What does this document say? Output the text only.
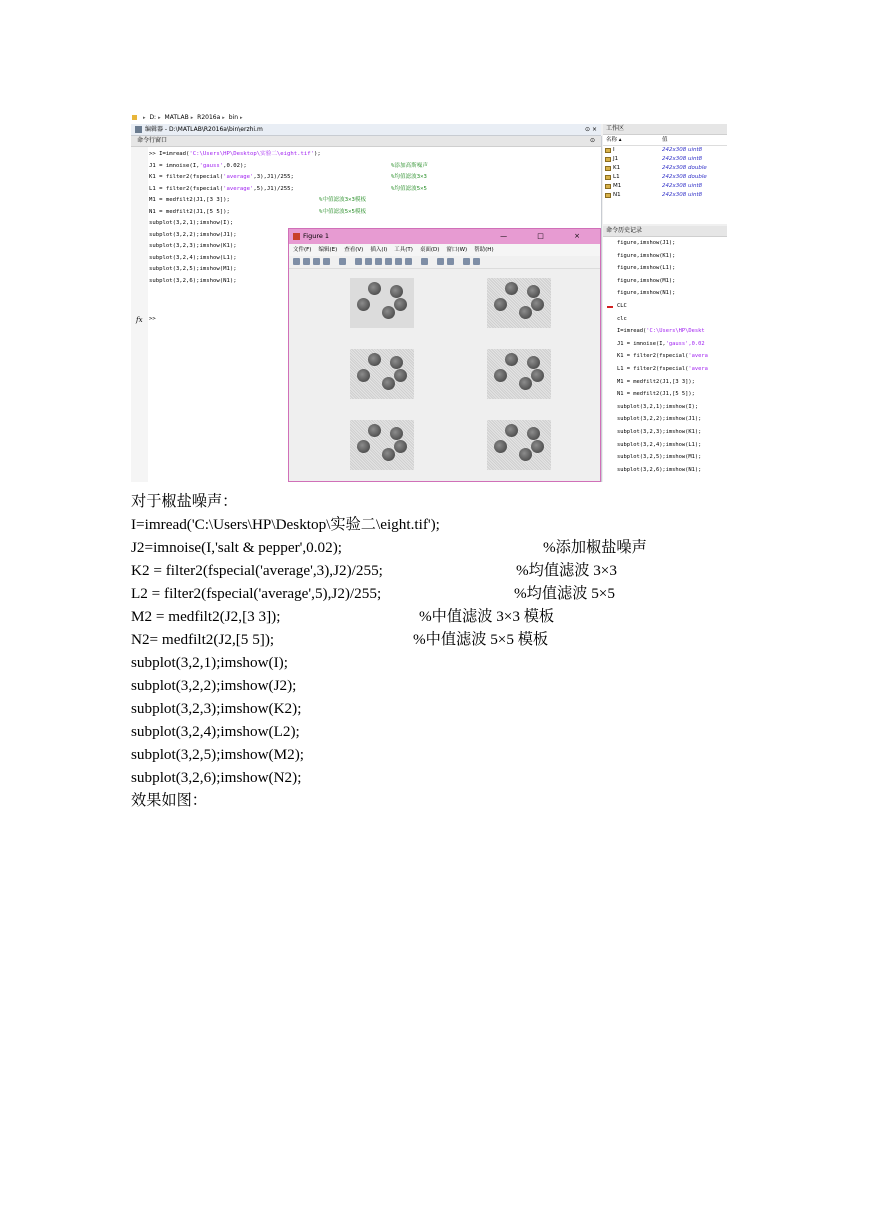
▸ D: ▸ MATLAB ▸ R2016a ▸ bin ▸
编辑器 - D:\MATLAB\R2016a\bin\erzhi.m	⊙ ×
命令行窗口	⊙
>> I=imread('C:\Users\HP\Desktop\实验二\eight.tif');
J1 = imnoise(I,'gauss',0.02);	%添加高斯噪声
K1 = filter2(fspecial('average',3),J1)/255;	%均值滤波3×3
L1 = filter2(fspecial('average',5),J1)/255;	%均值滤波5×5
M1 = medfilt2(J1,[3 3]);	%中值滤波3×3模板
N1 = medfilt2(J1,[5 5]);	%中值滤波5×5模板
subplot(3,2,1);imshow(I);
subplot(3,2,2);imshow(J1);
subplot(3,2,3);imshow(K1);
subplot(3,2,4);imshow(L1);
subplot(3,2,5);imshow(M1);
subplot(3,2,6);imshow(N1);
fx >>
工作区
名称 ▴	值
I	242x308 uint8
J1	242x308 uint8
K1	242x308 double
L1	242x308 double
M1	242x308 uint8
N1	242x308 uint8
命令历史记录
figure,imshow(J1);
figure,imshow(K1);
figure,imshow(L1);
figure,imshow(M1);
figure,imshow(N1);
CLC
clc
I=imread('C:\Users\HP\Deskt
J1 = imnoise(I,'gauss',0.02
K1 = filter2(fspecial('avera
L1 = filter2(fspecial('avera
M1 = medfilt2(J1,[3 3]);
N1 = medfilt2(J1,[5 5]);
subplot(3,2,1);imshow(I);
subplot(3,2,2);imshow(J1);
subplot(3,2,3);imshow(K1);
subplot(3,2,4);imshow(L1);
subplot(3,2,5);imshow(M1);
subplot(3,2,6);imshow(N1);
Figure 1	— □ ×
文件(F) 编辑(E) 查看(V) 插入(I) 工具(T) 桌面(D) 窗口(W) 帮助(H)
对于椒盐噪声：
I=imread('C:\Users\HP\Desktop\实验二\eight.tif');
J2=imnoise(I,'salt & pepper',0.02);	%添加椒盐噪声
K2 = filter2(fspecial('average',3),J2)/255;	%均值滤波 3×3
L2 = filter2(fspecial('average',5),J2)/255;	%均值滤波 5×5
M2 = medfilt2(J2,[3 3]);	%中值滤波 3×3 模板
N2= medfilt2(J2,[5 5]);	%中值滤波 5×5 模板
subplot(3,2,1);imshow(I);
subplot(3,2,2);imshow(J2);
subplot(3,2,3);imshow(K2);
subplot(3,2,4);imshow(L2);
subplot(3,2,5);imshow(M2);
subplot(3,2,6);imshow(N2);
效果如图：
